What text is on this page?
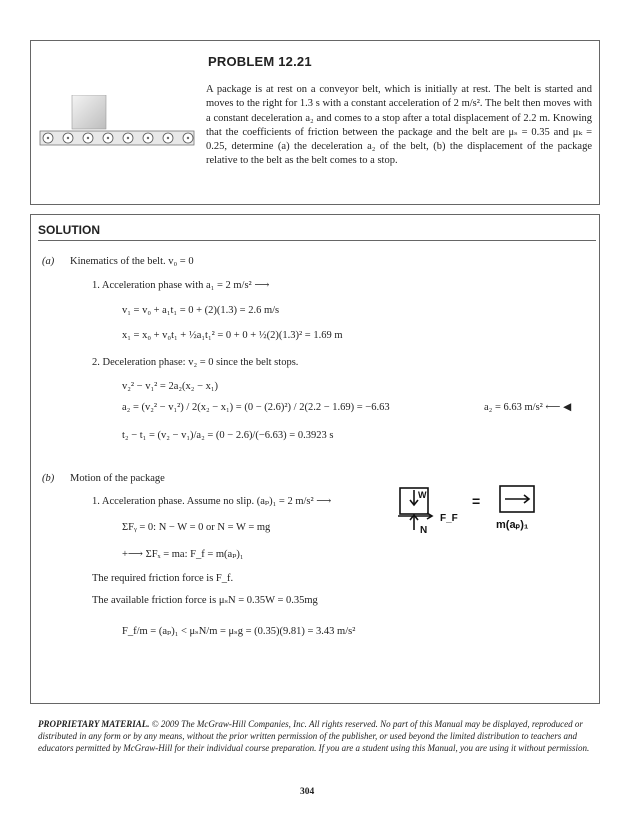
PROBLEM 12.21
A package is at rest on a conveyor belt, which is initially at rest. The belt is started and moves to the right for 1.3 s with a constant acceleration of 2 m/s². The belt then moves with a constant deceleration a₂ and comes to a stop after a total displacement of 2.2 m. Knowing that the coefficients of friction between the package and the belt are μₛ = 0.35 and μₖ = 0.25, determine (a) the deceleration a₂ of the belt, (b) the displacement of the package relative to the belt as the belt comes to a stop.
SOLUTION
(a) Kinematics of the belt. v₀ = 0
1. Acceleration phase with a₁ = 2 m/s² ⟶
v₁ = v₀ + a₁t₁ = 0 + (2)(1.3) = 2.6 m/s
x₁ = x₀ + v₀t₁ + ½a₁t₁² = 0 + 0 + ½(2)(1.3)² = 1.69 m
2. Deceleration phase: v₂ = 0 since the belt stops.
v₂² − v₁² = 2a₂(x₂ − x₁)
a₂ = (v₂² − v₁²) / 2(x₂ − x₁) = (0 − (2.6)²) / 2(2.2 − 1.69) = −6.63	a₂ = 6.63 m/s² ⟵ ◀
t₂ − t₁ = (v₂ − v₁)/a₂ = (0 − 2.6)/(−6.63) = 0.3923 s
(b) Motion of the package
1. Acceleration phase. Assume no slip. (aₚ)₁ = 2 m/s² ⟶
ΣFᵧ = 0: N − W = 0 or N = W = mg
+⟶ ΣFₓ = ma: F_f = m(aₚ)₁
The required friction force is F_f.
The available friction force is μₛN = 0.35W = 0.35mg
F_f/m = (aₚ)₁ < μₛN/m = μₛg = (0.35)(9.81) = 3.43 m/s²
W
N
F_F
=
m(aₚ)₁
PROPRIETARY MATERIAL. © 2009 The McGraw-Hill Companies, Inc. All rights reserved. No part of this Manual may be displayed, reproduced or distributed in any form or by any means, without the prior written permission of the publisher, or used beyond the limited distribution to teachers and educators permitted by McGraw-Hill for their individual course preparation. If you are a student using this Manual, you are using it without permission.
304
